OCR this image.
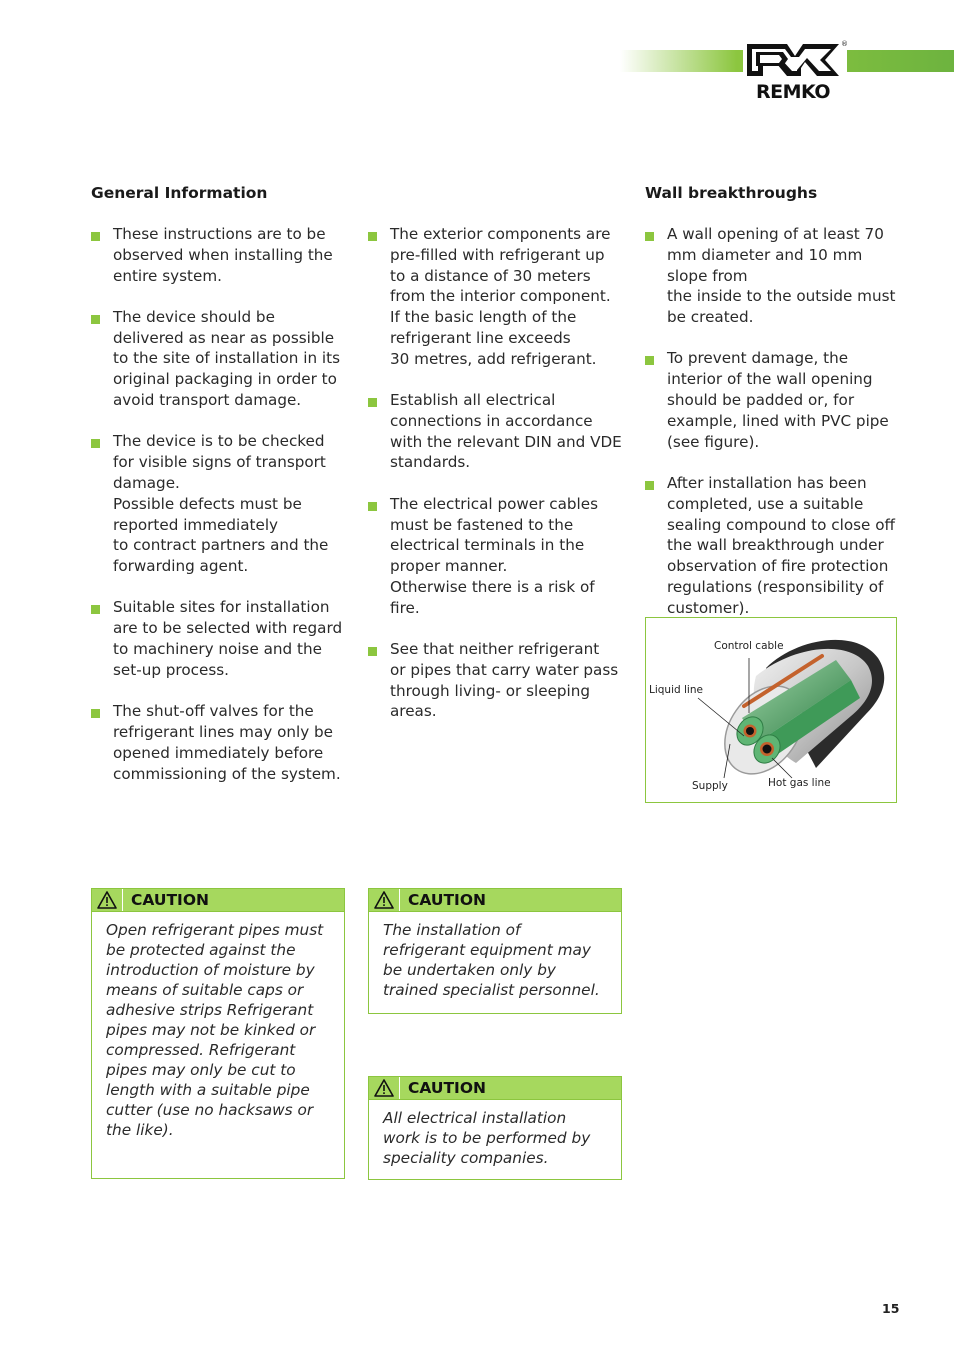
®
REMKO
General Information	Wall breakthroughs
These instructions are to be observed when installing the entire system.
The device should be delivered as near as possible to the site of installation in its original packaging in order to avoid transport damage.
The device is to be checked for visible signs of transport damage.
Possible defects must be reported immediately
to contract partners and the forwarding agent.
Suitable sites for installation are to be selected with regard to machinery noise and the set-up process.
The shut-off valves for the refrigerant lines may only be opened immediately before commissioning of the system.
The exterior components are pre-filled with refrigerant up to a distance of 30 meters from the interior component. If the basic length of the refrigerant line exceeds
30 metres, add refrigerant.
Establish all electrical connections in accordance with the relevant DIN and VDE standards.
The electrical power cables must be fastened to the electrical terminals in the proper manner.
Otherwise there is a risk of fire.
See that neither refrigerant
or pipes that carry water pass through living- or sleeping areas.
A wall opening of at least 70 mm diameter and 10 mm slope from
the inside to the outside must be created.
To prevent damage, the interior of the wall opening should be padded or, for example, lined with PVC pipe (see figure).
After installation has been completed, use a suitable sealing compound to close off the wall breakthrough under observation of fire protection regulations (responsibility of customer).
Control cable
Liquid line
Supply	Hot gas line
CAUTION
Open refrigerant pipes must be protected against the introduction of moisture by means of suitable caps or adhesive strips Refrigerant pipes may not be kinked or compressed. Refrigerant pipes may only be cut to length with a suitable pipe cutter (use no hacksaws or the like).
CAUTION
The installation of refrigerant equipment may be undertaken only by trained specialist personnel.
CAUTION
All electrical installation work is to be performed by speciality companies.
15
